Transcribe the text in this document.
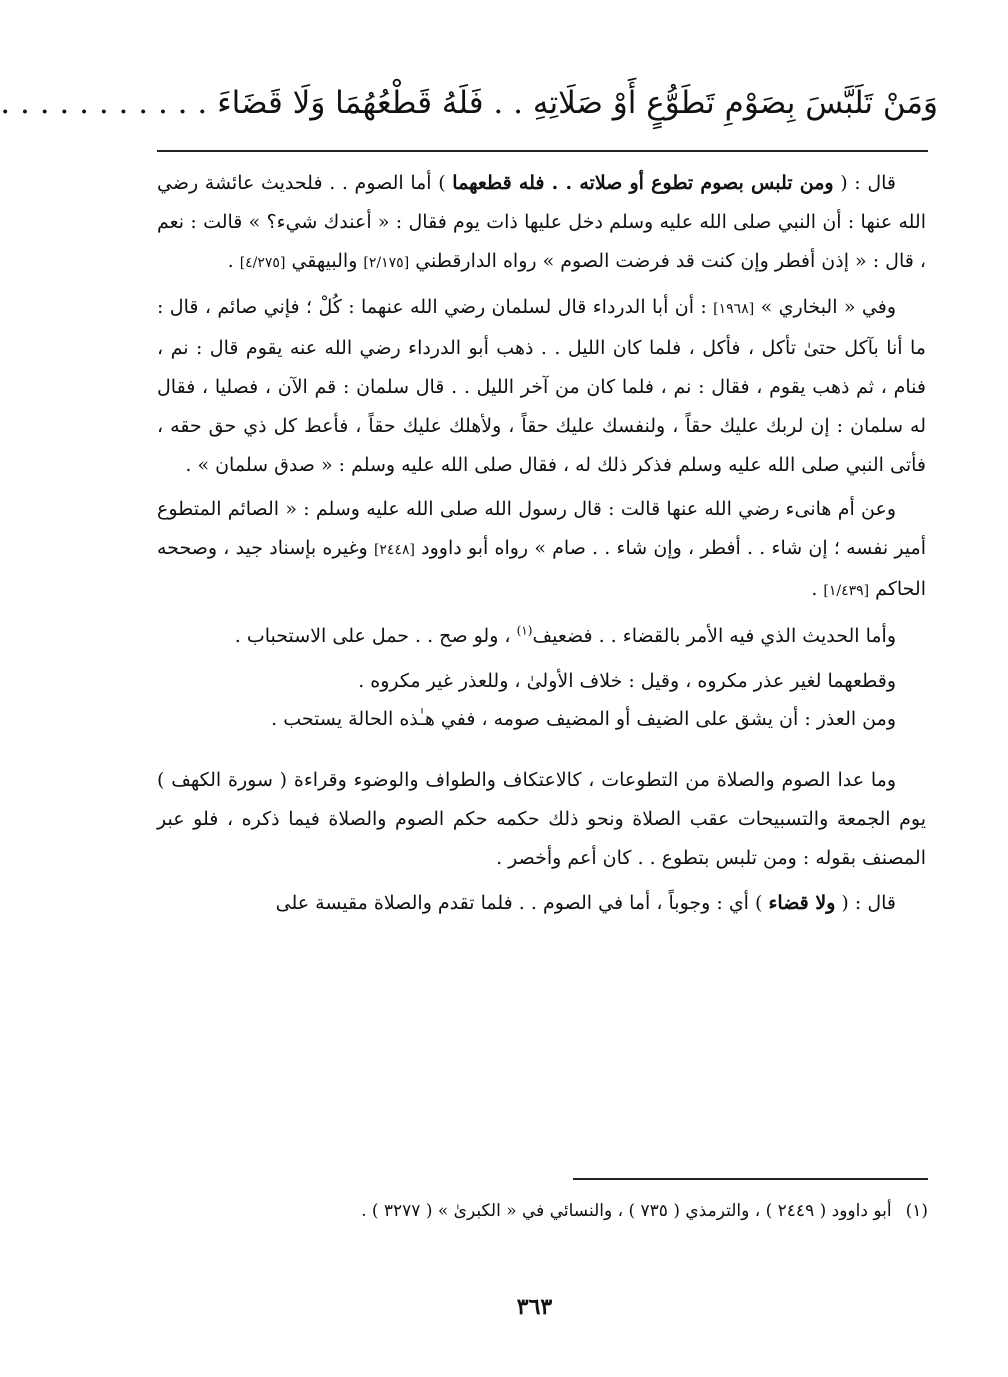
وَمَنْ تَلَبَّسَ بِصَوْمِ تَطَوُّعٍ أَوْ صَلَاتِهِ . . فَلَهُ قَطْعُهُمَا وَلَا قَضَاءَ . . . . . . . . . . .

قال : ( ومن تلبس بصوم تطوع أو صلاته . . فله قطعهما ) أما الصوم . . فلحديث عائشة رضي الله عنها : أن النبي صلى الله عليه وسلم دخل عليها ذات يوم فقال : « أعندك شيء؟ » قالت : نعم ، قال : « إذن أفطر وإن كنت قد فرضت الصوم » رواه الدارقطني [٢/١٧٥] والبيهقي [٤/٢٧٥] .

وفي « البخاري » [١٩٦٨] : أن أبا الدرداء قال لسلمان رضي الله عنهما : كُلْ ؛ فإني صائم ، قال : ما أنا بآكل حتىٰ تأكل ، فأكل ، فلما كان الليل . . ذهب أبو الدرداء رضي الله عنه يقوم قال : نم ، فنام ، ثم ذهب يقوم ، فقال : نم ، فلما كان من آخر الليل . . قال سلمان : قم الآن ، فصليا ، فقال له سلمان : إن لربك عليك حقاً ، ولنفسك عليك حقاً ، ولأهلك عليك حقاً ، فأعط كل ذي حق حقه ، فأتى النبي صلى الله عليه وسلم فذكر ذلك له ، فقال صلى الله عليه وسلم : « صدق سلمان » .

وعن أم هانىء رضي الله عنها قالت : قال رسول الله صلى الله عليه وسلم : « الصائم المتطوع أمير نفسه ؛ إن شاء . . أفطر ، وإن شاء . . صام » رواه أبو داوود [٢٤٤٨] وغيره بإسناد جيد ، وصححه الحاكم [١/٤٣٩] .

وأما الحديث الذي فيه الأمر بالقضاء . . فضعيف$^{(١)}$ ، ولو صح . . حمل على الاستحباب .

وقطعهما لغير عذر مكروه ، وقيل : خلاف الأولىٰ ، وللعذر غير مكروه .

ومن العذر : أن يشق على الضيف أو المضيف صومه ، ففي هـٰذه الحالة يستحب .

وما عدا الصوم والصلاة من التطوعات ، كالاعتكاف والطواف والوضوء وقراءة ( سورة الكهف ) يوم الجمعة والتسبيحات عقب الصلاة ونحو ذلك حكمه حكم الصوم والصلاة فيما ذكره ، فلو عبر المصنف بقوله : ومن تلبس بتطوع . . كان أعم وأخصر .

قال : ( ولا قضاء ) أي : وجوباً ، أما في الصوم . . فلما تقدم والصلاة مقيسة على

(١)أبو داوود ( ٢٤٤٩ ) ، والترمذي ( ٧٣٥ ) ، والنسائي في « الكبرىٰ » ( ٣٢٧٧ ) .
٣٦٣
